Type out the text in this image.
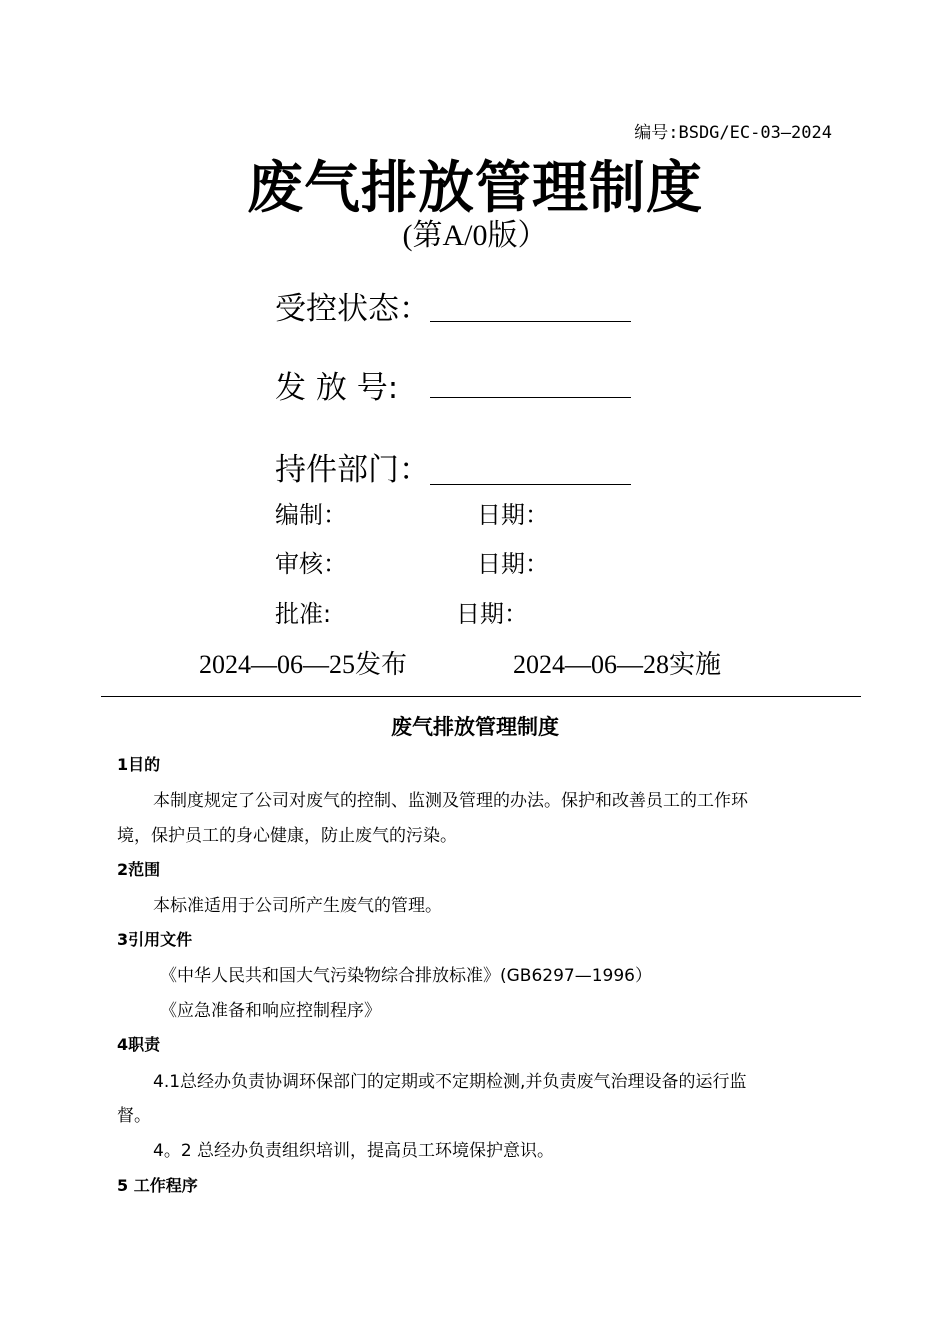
编号:BSDG/EC-03—2024
废气排放管理制度
(第A/0版）
受控状态：
发 放 号:
持件部门：
编制：	日期：
审核：	日期：
批准:	日期：
2024—06—25发布	2024—06—28实施
废气排放管理制度
1目的
本制度规定了公司对废气的控制、监测及管理的办法。保护和改善员工的工作环
境，保护员工的身心健康，防止废气的污染。
2范围
本标准适用于公司所产生废气的管理。
3引用文件
《中华人民共和国大气污染物综合排放标准》(GB6297—1996）
《应急准备和响应控制程序》
4职责
4.1总经办负责协调环保部门的定期或不定期检测,并负责废气治理设备的运行监
督。
4。2 总经办负责组织培训，提高员工环境保护意识。
5 工作程序
